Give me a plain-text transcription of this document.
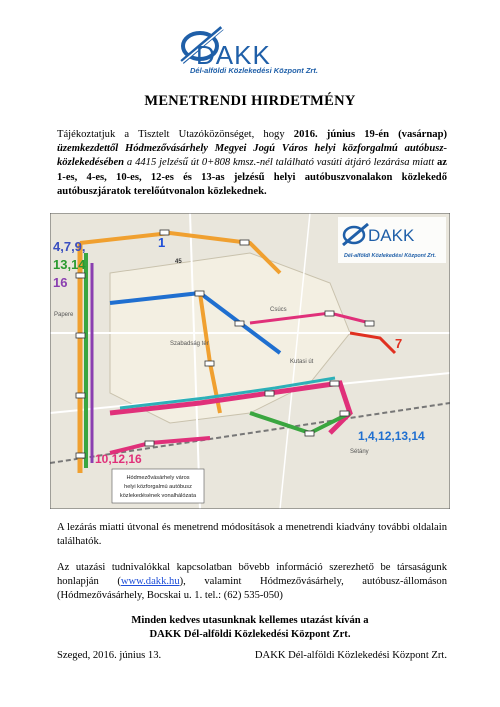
DAKK
Dél-alföldi Közlekedési Központ Zrt.
MENETRENDI HIRDETMÉNY
Tájékoztatjuk a Tisztelt Utazóközönséget, hogy 2016. június 19-én (vasárnap) üzemkezdettől Hódmezővásárhely Megyei Jogú Város helyi közforgalmú autóbusz-közlekedésében a 4415 jelzésű út 0+808 kmsz.-nél található vasúti átjáró lezárása miatt az 1-es, 4-es, 10-es, 12-es és 13-as jelzésű helyi autóbuszvonalakon közlekedő autóbuszjáratok terelőútvonalon közlekednek.
Csúcs
Kutasi út
Szabadság tér
Sétány
Papere
45
4,7,9,
13,14
16
1
7
1,4,12,13,14
10,12,16
DAKK
Dél-alföldi Közlekedési Központ Zrt.
Hódmezővásárhely város
helyi közforgalmú autóbusz
közlekedésének vonalhálózata
A lezárás miatti útvonal és menetrend módosítások a menetrendi kiadvány további oldalain találhatók.
Az utazási tudnivalókkal kapcsolatban bővebb információ szerezhető be társaságunk honlapján (www.dakk.hu), valamint Hódmezővásárhely, autóbusz-állomáson (Hódmezővásárhely, Bocskai u. 1. tel.: (62) 535-050)
Minden kedves utasunknak kellemes utazást kíván a
DAKK Dél-alföldi Közlekedési Központ Zrt.
Szeged, 2016. június 13.	DAKK Dél-alföldi Közlekedési Központ Zrt.
